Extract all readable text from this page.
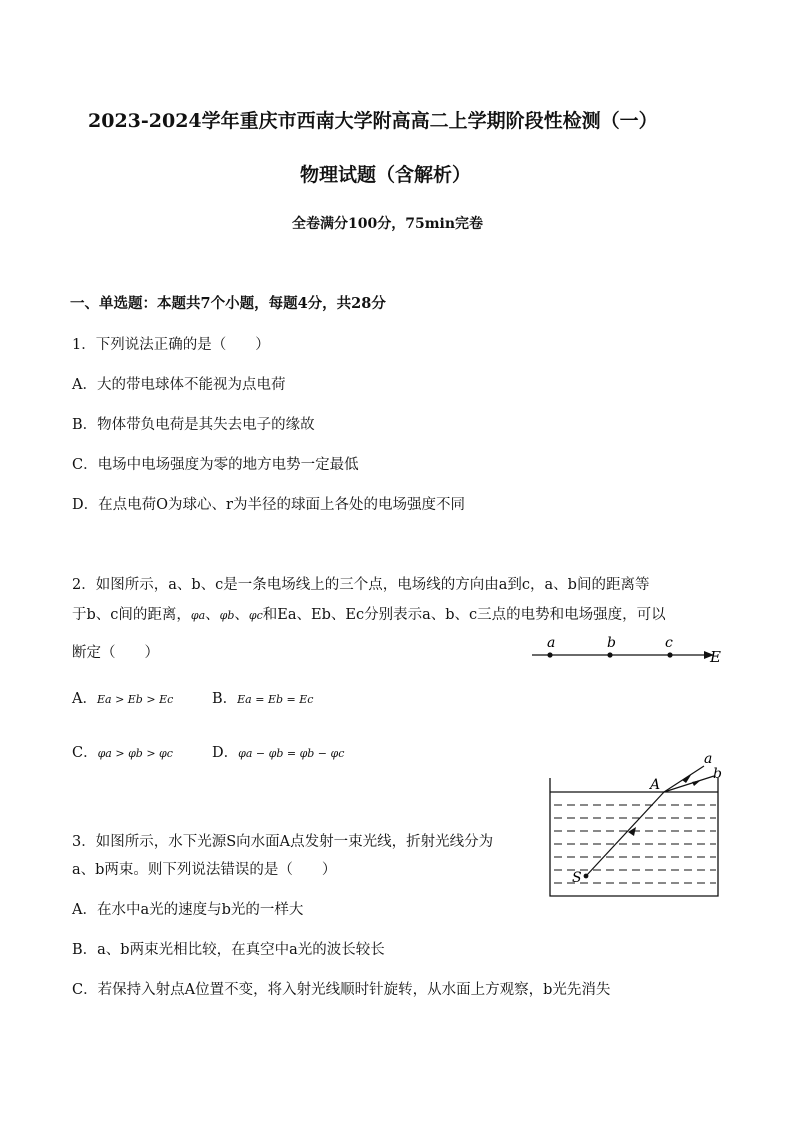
2023-2024学年重庆市西南大学附高高二上学期阶段性检测（一）
物理试题（含解析）
全卷满分100分，75min完卷
一、单选题：本题共7个小题，每题4分，共28分
1．下列说法正确的是（　　）
A．大的带电球体不能视为点电荷
B．物体带负电荷是其失去电子的缘故
C．电场中电场强度为零的地方电势一定最低
D．在点电荷O为球心、r为半径的球面上各处的电场强度不同
2．如图所示，a、b、c是一条电场线上的三个点，电场线的方向由a到c，a、b间的距离等
于b、c间的距离，φa、φb、φc和Ea、Eb、Ec分别表示a、b、c三点的电势和电场强度，可以
断定（　　）
a	b	c
E
A．Ea > Eb > Ec	B．Ea = Eb = Ec
C．φa > φb > φc	D．φa − φb = φb − φc
3．如图所示，水下光源S向水面A点发射一束光线，折射光线分为
a、b两束。则下列说法错误的是（　　）
A．在水中a光的速度与b光的一样大
B．a、b两束光相比较，在真空中a光的波长较长
C．若保持入射点A位置不变，将入射光线顺时针旋转，从水面上方观察，b光先消失
a
b
A
S
